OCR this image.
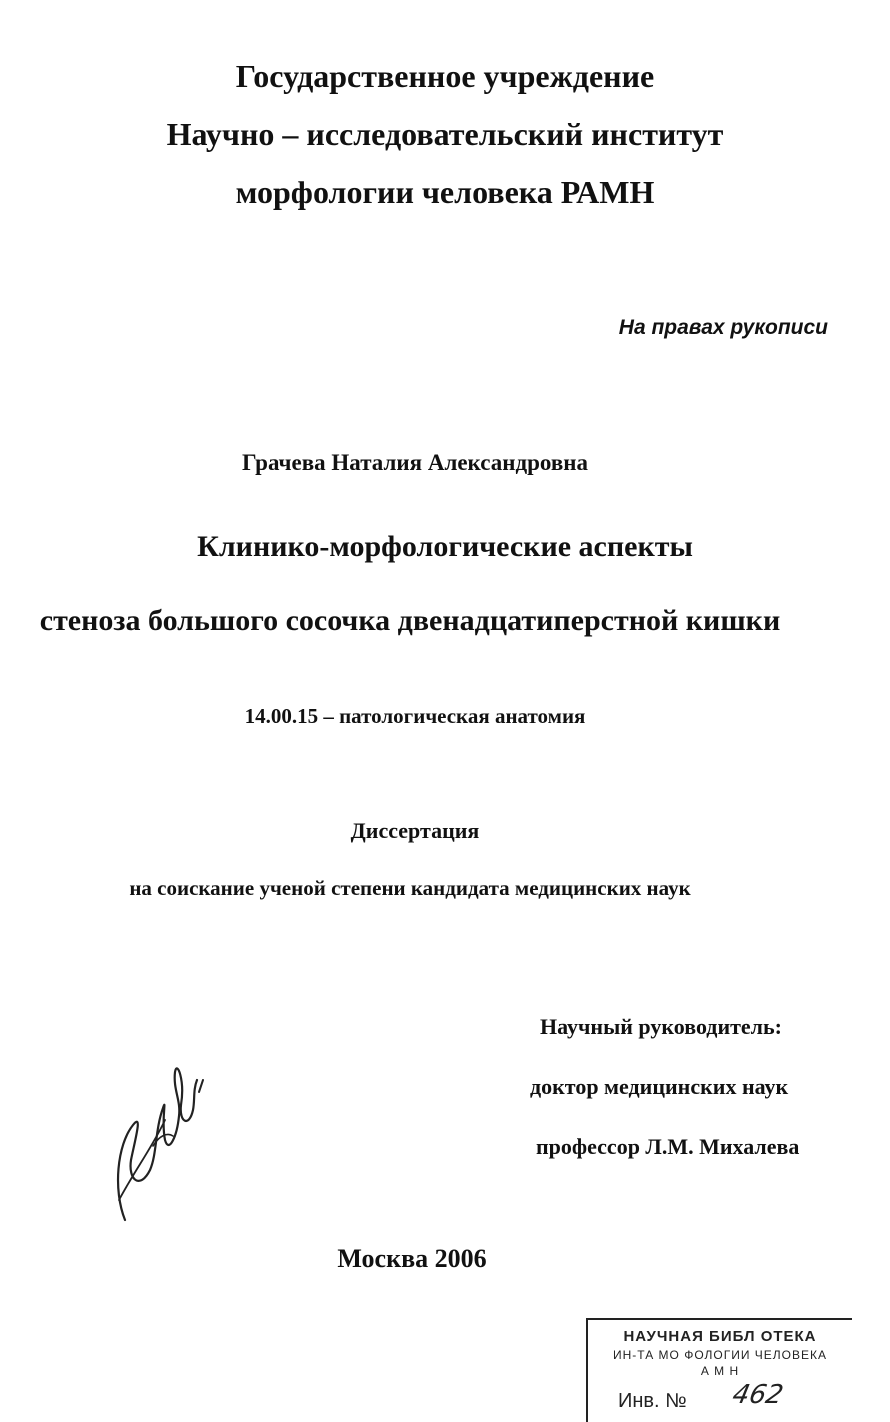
Государственное учреждение
Научно – исследовательский институт
морфологии человека РАМН
На правах рукописи
Грачева Наталия Александровна
Клинико-морфологические аспекты
стеноза большого сосочка двенадцатиперстной кишки
14.00.15 – патологическая анатомия
Диссертация
на соискание ученой степени кандидата медицинских наук
Научный руководитель:
доктор медицинских наук
профессор Л.М. Михалева
Москва 2006
НАУЧНАЯ БИБЛ ОТЕКА
ИН-ТА МО ФОЛОГИИ ЧЕЛОВЕКА
А М Н
Инв. № 462
